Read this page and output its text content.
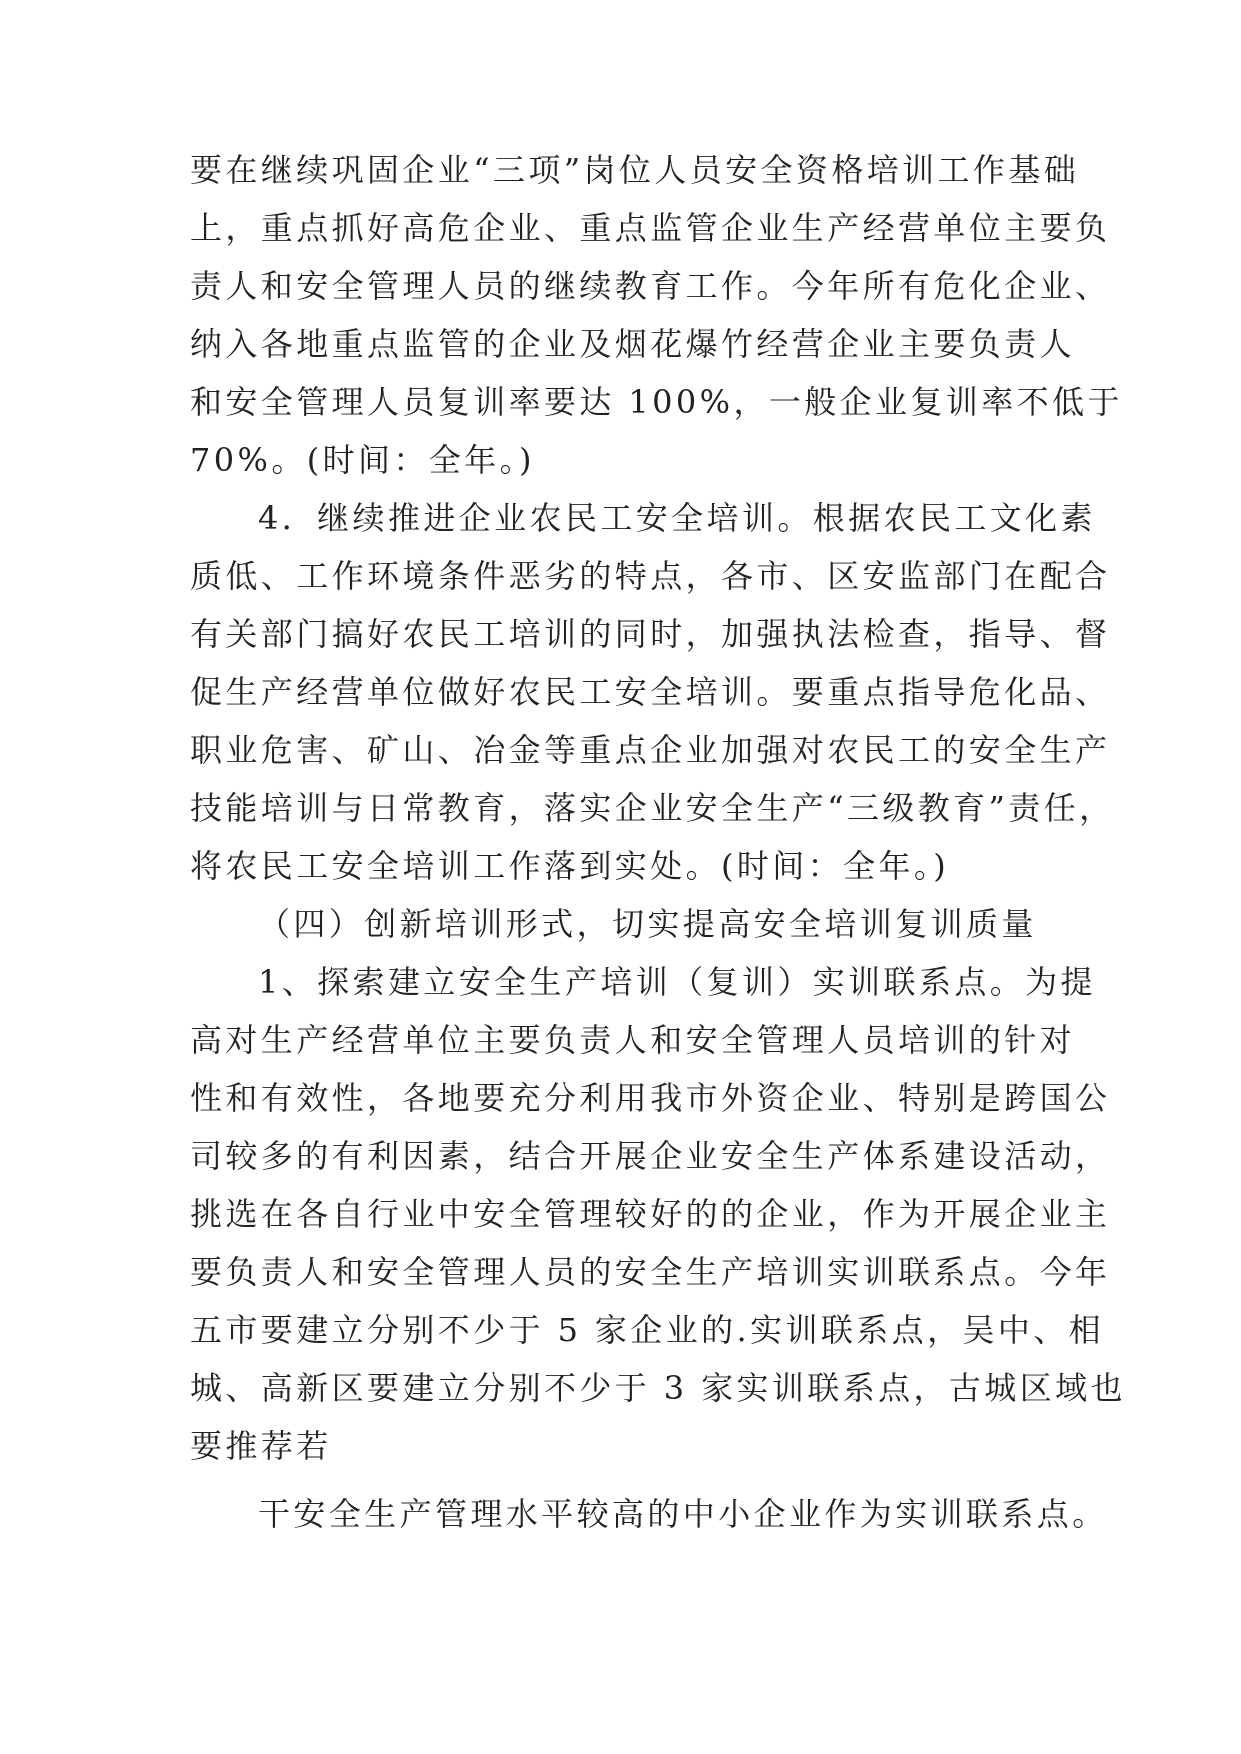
要在继续巩固企业“三项”岗位人员安全资格培训工作基础
上，重点抓好高危企业、重点监管企业生产经营单位主要负
责人和安全管理人员的继续教育工作。今年所有危化企业、
纳入各地重点监管的企业及烟花爆竹经营企业主要负责人
和安全管理人员复训率要达 100%，一般企业复训率不低于
70%。(时间：全年。)
4．继续推进企业农民工安全培训。根据农民工文化素
质低、工作环境条件恶劣的特点，各市、区安监部门在配合
有关部门搞好农民工培训的同时，加强执法检查，指导、督
促生产经营单位做好农民工安全培训。要重点指导危化品、
职业危害、矿山、冶金等重点企业加强对农民工的安全生产
技能培训与日常教育，落实企业安全生产“三级教育”责任，
将农民工安全培训工作落到实处。(时间：全年。)
（四）创新培训形式，切实提高安全培训复训质量
1、探索建立安全生产培训（复训）实训联系点。为提
高对生产经营单位主要负责人和安全管理人员培训的针对
性和有效性，各地要充分利用我市外资企业、特别是跨国公
司较多的有利因素，结合开展企业安全生产体系建设活动，
挑选在各自行业中安全管理较好的的企业，作为开展企业主
要负责人和安全管理人员的安全生产培训实训联系点。今年
五市要建立分别不少于 5 家企业的.实训联系点，吴中、相
城、高新区要建立分别不少于 3 家实训联系点，古城区域也
要推荐若
干安全生产管理水平较高的中小企业作为实训联系点。
